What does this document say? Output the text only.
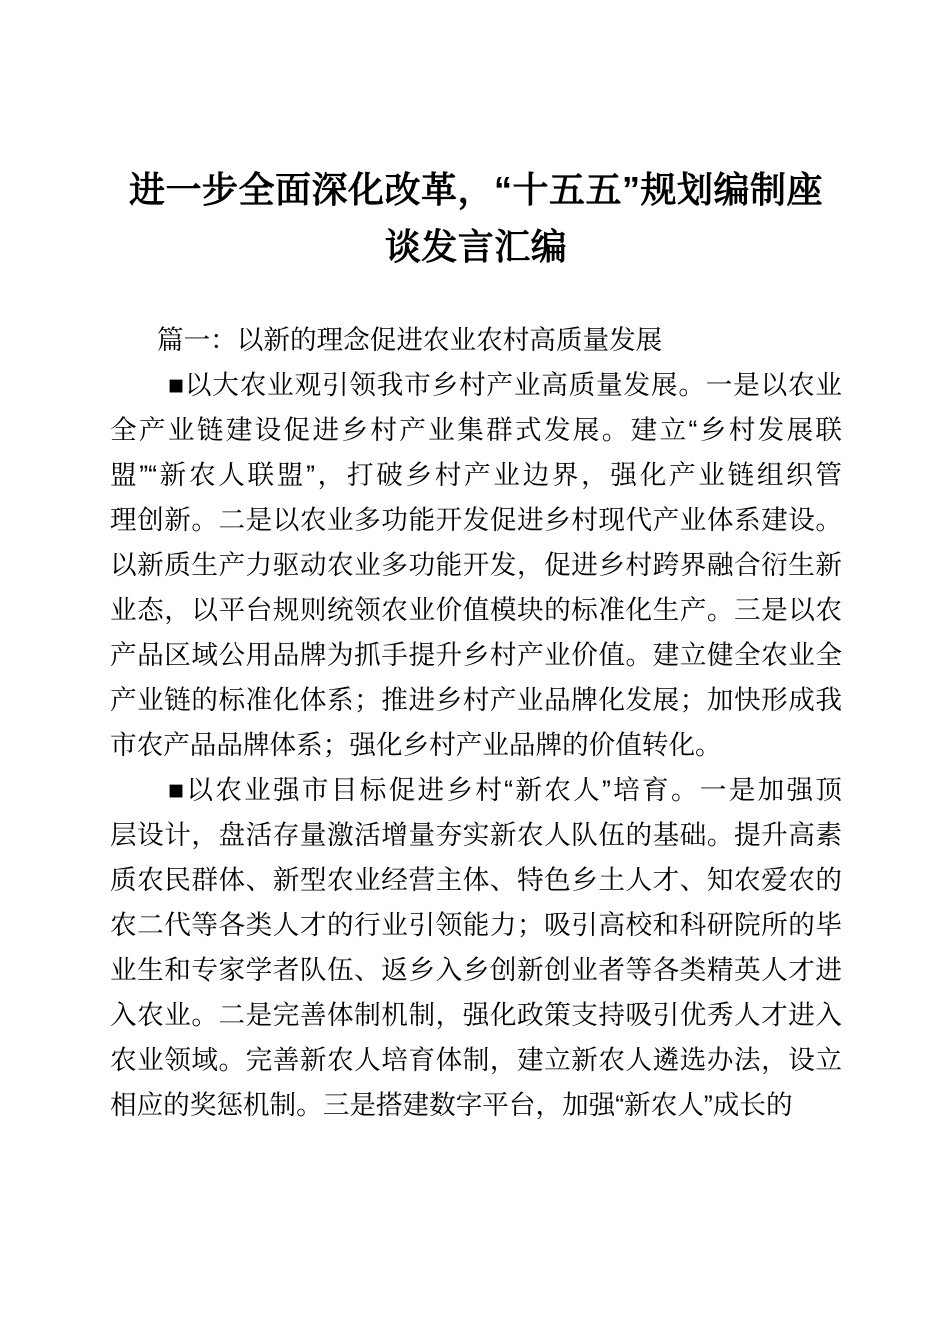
进一步全面深化改革，“十五五”规划编制座
谈发言汇编
篇一：以新的理念促进农业农村高质量发展
■以大农业观引领我市乡村产业高质量发展。一是以农业
全产业链建设促进乡村产业集群式发展。建立“乡村发展联
盟”“新农人联盟”，打破乡村产业边界，强化产业链组织管
理创新。二是以农业多功能开发促进乡村现代产业体系建设。
以新质生产力驱动农业多功能开发，促进乡村跨界融合衍生新
业态，以平台规则统领农业价值模块的标准化生产。三是以农
产品区域公用品牌为抓手提升乡村产业价值。建立健全农业全
产业链的标准化体系；推进乡村产业品牌化发展；加快形成我
市农产品品牌体系；强化乡村产业品牌的价值转化。
■以农业强市目标促进乡村“新农人”培育。一是加强顶
层设计，盘活存量激活增量夯实新农人队伍的基础。提升高素
质农民群体、新型农业经营主体、特色乡土人才、知农爱农的
农二代等各类人才的行业引领能力；吸引高校和科研院所的毕
业生和专家学者队伍、返乡入乡创新创业者等各类精英人才进
入农业。二是完善体制机制，强化政策支持吸引优秀人才进入
农业领域。完善新农人培育体制，建立新农人遴选办法，设立
相应的奖惩机制。三是搭建数字平台，加强“新农人”成长的
